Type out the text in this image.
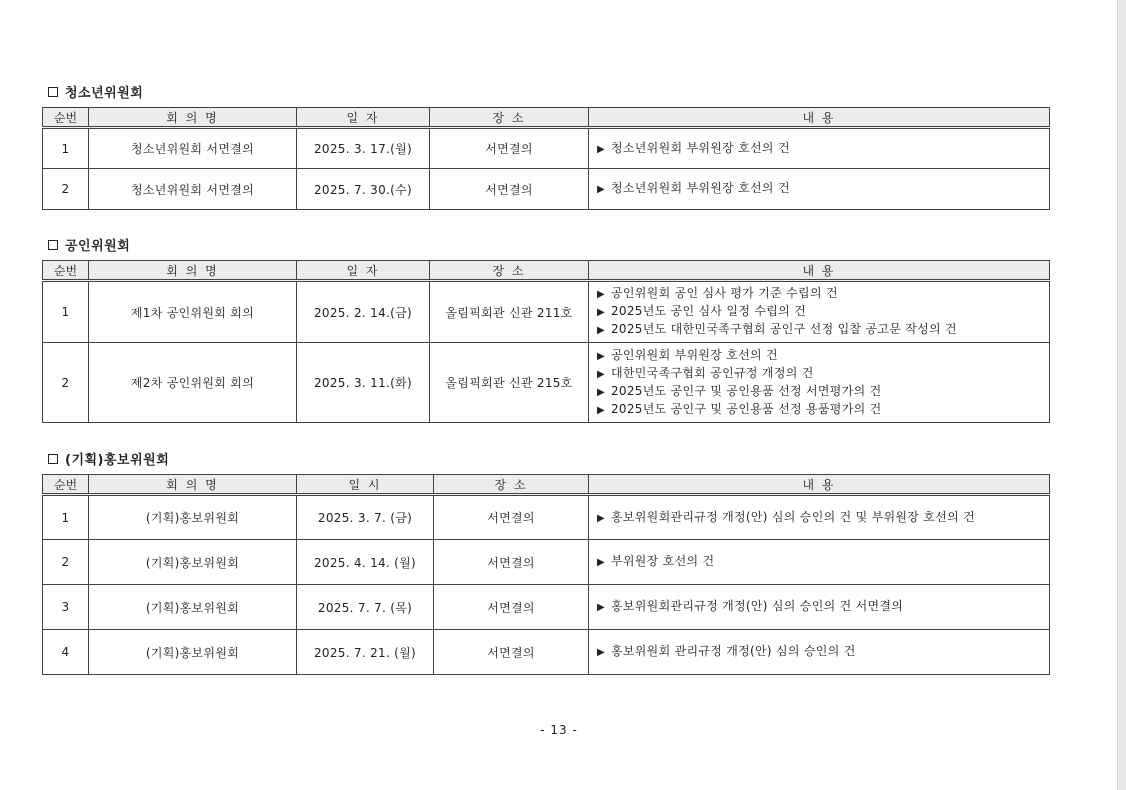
청소년위원회
순번	회 의 명	일 자	장 소	내 용
1	청소년위원회 서면결의	2025. 3. 17.(월)	서면결의	▶ 청소년위원회 부위원장 호선의 건

2	청소년위원회 서면결의	2025. 7. 30.(수)	서면결의	▶ 청소년위원회 부위원장 호선의 건
공인위원회
순번	회 의 명	일 자	장 소	내 용
1	제1차 공인위원회 회의	2025. 2. 14.(금)	올림픽회관 신관 211호	▶ 공인위원회 공인 심사 평가 기준 수립의 건
▶ 2025년도 공인 심사 일정 수립의 건
▶ 2025년도 대한민국족구협회 공인구 선정 입찰 공고문 작성의 건

2	제2차 공인위원회 회의	2025. 3. 11.(화)	올림픽회관 신관 215호	▶ 공인위원회 부위원장 호선의 건
▶ 대한민국족구협회 공인규정 개정의 건
▶ 2025년도 공인구 및 공인용품 선정 서면평가의 건
▶ 2025년도 공인구 및 공인용품 선정 용품평가의 건
(기획)홍보위원회
순번	회 의 명	일 시	장 소	내 용
1	(기획)홍보위원회	2025. 3. 7. (금)	서면결의	▶ 홍보위원회관리규정 개정(안) 심의 승인의 건 및 부위원장 호선의 건

2	(기획)홍보위원회	2025. 4. 14. (월)	서면결의	▶ 부위원장 호선의 건

3	(기획)홍보위원회	2025. 7. 7. (목)	서면결의	▶ 홍보위원회관리규정 개정(안) 심의 승인의 건 서면결의

4	(기획)홍보위원회	2025. 7. 21. (월)	서면결의	▶ 홍보위원회 관리규정 개정(안) 심의 승인의 건
- 13 -
